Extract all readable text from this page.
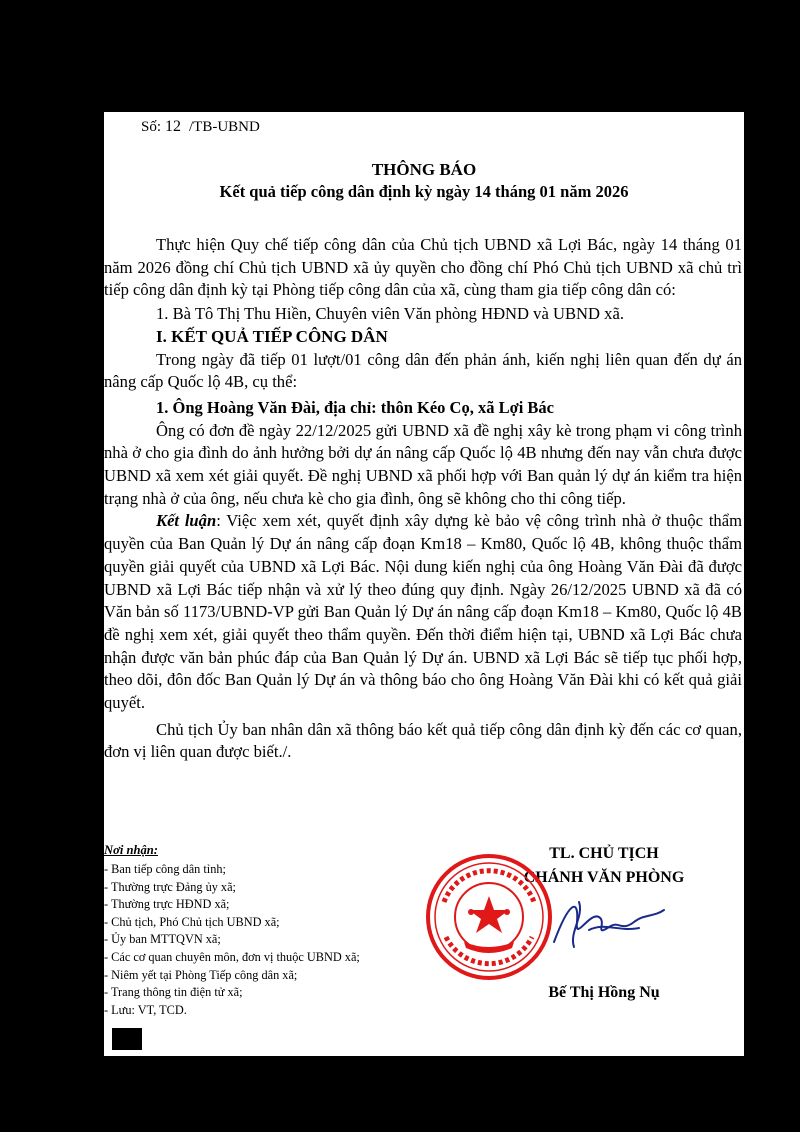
Số: 12 /TB-UBND
THÔNG BÁO
Kết quả tiếp công dân định kỳ ngày 14 tháng 01 năm 2026

Thực hiện Quy chế tiếp công dân của Chủ tịch UBND xã Lợi Bác, ngày 14 tháng 01 năm 2026 đồng chí Chủ tịch UBND xã ủy quyền cho đồng chí Phó Chủ tịch UBND xã chủ trì tiếp công dân định kỳ tại Phòng tiếp công dân của xã, cùng tham gia tiếp công dân có:

1. Bà Tô Thị Thu Hiền, Chuyên viên Văn phòng HĐND và UBND xã.

I. KẾT QUẢ TIẾP CÔNG DÂN

Trong ngày đã tiếp 01 lượt/01 công dân đến phản ánh, kiến nghị liên quan đến dự án nâng cấp Quốc lộ 4B, cụ thể:

1. Ông Hoàng Văn Đài, địa chỉ: thôn Kéo Cọ, xã Lợi Bác

Ông có đơn đề ngày 22/12/2025 gửi UBND xã đề nghị xây kè trong phạm vi công trình nhà ở cho gia đình do ảnh hưởng bởi dự án nâng cấp Quốc lộ 4B nhưng đến nay vẫn chưa được UBND xã xem xét giải quyết. Đề nghị UBND xã phối hợp với Ban quản lý dự án kiểm tra hiện trạng nhà ở của ông, nếu chưa kè cho gia đình, ông sẽ không cho thi công tiếp.

Kết luận: Việc xem xét, quyết định xây dựng kè bảo vệ công trình nhà ở thuộc thẩm quyền của Ban Quản lý Dự án nâng cấp đoạn Km18 – Km80, Quốc lộ 4B, không thuộc thẩm quyền giải quyết của UBND xã Lợi Bác. Nội dung kiến nghị của ông Hoàng Văn Đài đã được UBND xã Lợi Bác tiếp nhận và xử lý theo đúng quy định. Ngày 26/12/2025 UBND xã đã có Văn bản số 1173/UBND-VP gửi Ban Quản lý Dự án nâng cấp đoạn Km18 – Km80, Quốc lộ 4B đề nghị xem xét, giải quyết theo thẩm quyền. Đến thời điểm hiện tại, UBND xã Lợi Bác chưa nhận được văn bản phúc đáp của Ban Quản lý Dự án. UBND xã Lợi Bác sẽ tiếp tục phối hợp, theo dõi, đôn đốc Ban Quản lý Dự án và thông báo cho ông Hoàng Văn Đài khi có kết quả giải quyết.

Chủ tịch Ủy ban nhân dân xã thông báo kết quả tiếp công dân định kỳ đến các cơ quan, đơn vị liên quan được biết./.

Nơi nhận:
- Ban tiếp công dân tỉnh;
- Thường trực Đảng ủy xã;
- Thường trực HĐND xã;
- Chủ tịch, Phó Chủ tịch UBND xã;
- Ủy ban MTTQVN xã;
- Các cơ quan chuyên môn, đơn vị thuộc UBND xã;
- Niêm yết tại Phòng Tiếp công dân xã;
- Trang thông tin điện tử xã;
- Lưu: VT, TCD.
TL. CHỦ TỊCH
CHÁNH VĂN PHÒNG
Bế Thị Hồng Nụ
